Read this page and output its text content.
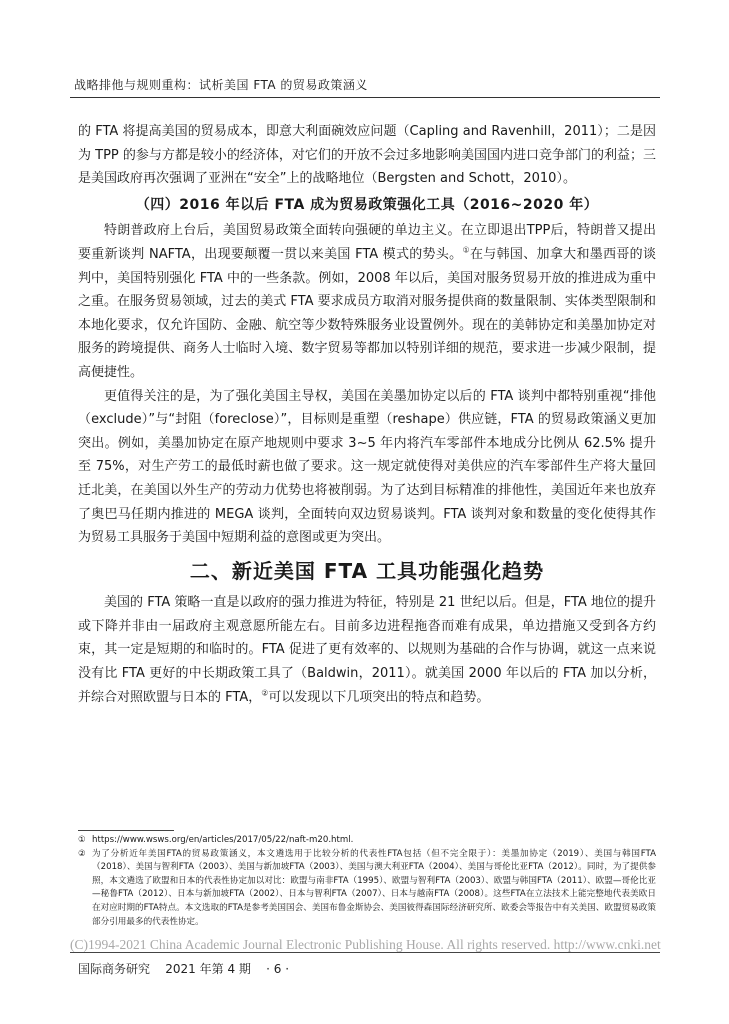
战略排他与规则重构：试析美国 FTA 的贸易政策涵义

的 FTA 将提高美国的贸易成本，即意大利面碗效应问题（Capling and Ravenhill，2011）；二是因为 TPP 的参与方都是较小的经济体，对它们的开放不会过多地影响美国国内进口竞争部门的利益；三是美国政府再次强调了亚洲在“安全”上的战略地位（Bergsten and Schott，2010）。

（四）2016 年以后 FTA 成为贸易政策强化工具（2016~2020 年）

特朗普政府上台后，美国贸易政策全面转向强硬的单边主义。在立即退出TPP后，特朗普又提出要重新谈判 NAFTA，出现要颠覆一贯以来美国 FTA 模式的势头。①在与韩国、加拿大和墨西哥的谈判中，美国特别强化 FTA 中的一些条款。例如，2008 年以后，美国对服务贸易开放的推进成为重中之重。在服务贸易领域，过去的美式 FTA 要求成员方取消对服务提供商的数量限制、实体类型限制和本地化要求，仅允许国防、金融、航空等少数特殊服务业设置例外。现在的美韩协定和美墨加协定对服务的跨境提供、商务人士临时入境、数字贸易等都加以特别详细的规范，要求进一步减少限制，提高便捷性。

更值得关注的是，为了强化美国主导权，美国在美墨加协定以后的 FTA 谈判中都特别重视“排他（exclude）”与“封阻（foreclose）”，目标则是重塑（reshape）供应链，FTA 的贸易政策涵义更加突出。例如，美墨加协定在原产地规则中要求 3~5 年内将汽车零部件本地成分比例从 62.5% 提升至 75%，对生产劳工的最低时薪也做了要求。这一规定就使得对美供应的汽车零部件生产将大量回迁北美，在美国以外生产的劳动力优势也将被削弱。为了达到目标精准的排他性，美国近年来也放弃了奥巴马任期内推进的 MEGA 谈判，全面转向双边贸易谈判。FTA 谈判对象和数量的变化使得其作为贸易工具服务于美国中短期利益的意图或更为突出。

二、新近美国 FTA 工具功能强化趋势

美国的 FTA 策略一直是以政府的强力推进为特征，特别是 21 世纪以后。但是，FTA 地位的提升或下降并非由一届政府主观意愿所能左右。目前多边进程拖沓而难有成果，单边措施又受到各方约束，其一定是短期的和临时的。FTA 促进了更有效率的、以规则为基础的合作与协调，就这一点来说没有比 FTA 更好的中长期政策工具了（Baldwin，2011）。就美国 2000 年以后的 FTA 加以分析，并综合对照欧盟与日本的 FTA，②可以发现以下几项突出的特点和趋势。

① https://www.wsws.org/en/articles/2017/05/22/naft-m20.html.
② 为了分析近年美国FTA的贸易政策涵义，本文遴选用于比较分析的代表性FTA包括（但不完全限于）：美墨加协定（2019）、美国与韩国FTA（2018）、美国与智利FTA（2003）、美国与新加坡FTA（2003）、美国与澳大利亚FTA（2004）、美国与哥伦比亚FTA（2012）。同时，为了提供参照，本文遴选了欧盟和日本的代表性协定加以对比：欧盟与南非FTA（1995）、欧盟与智利FTA（2003）、欧盟与韩国FTA（2011）、欧盟—哥伦比亚—秘鲁FTA（2012）、日本与新加坡FTA（2002）、日本与智利FTA（2007）、日本与越南FTA（2008）。这些FTA在立法技术上能完整地代表美欧日在对应时期的FTA特点。本文选取的FTA是参考美国国会、美国布鲁金斯协会、美国彼得森国际经济研究所、欧委会等报告中有关美国、欧盟贸易政策部分引用最多的代表性协定。
(C)1994-2021 China Academic Journal Electronic Publishing House. All rights reserved. http://www.cnki.net
国际商务研究 2021 年第 4 期 · 6 ·
